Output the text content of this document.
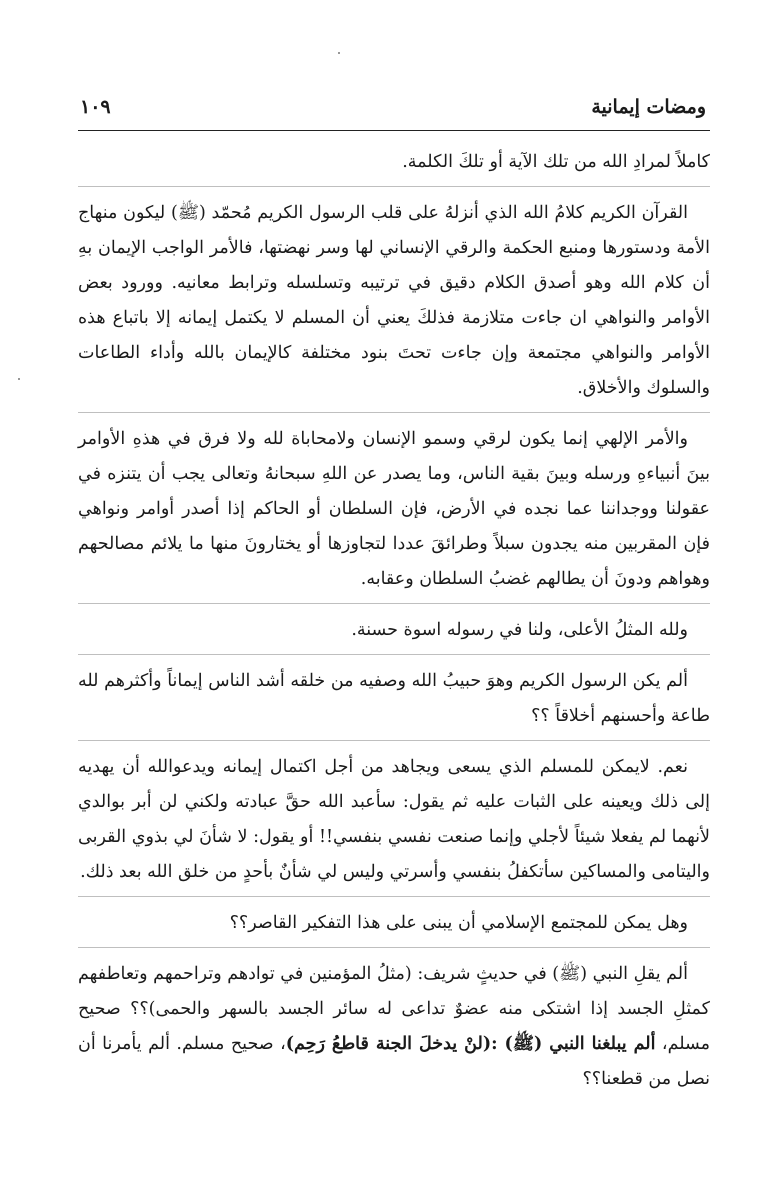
ومضات إيمانية
١٠٩

كاملاً لمرادِ الله من تلك الآية أو تلكَ الكلمة.

القرآن الكريم كلامُ الله الذي أنزلهُ على قلب الرسول الكريم مُحمّد (ﷺ) ليكون منهاج الأمة ودستورها ومنبع الحكمة والرقي الإنساني لها وسر نهضتها، فالأمر الواجب الإيمان بهِ أن كلام الله وهو أصدق الكلام دقيق في ترتيبه وتسلسله وترابط معانيه. وورود بعض الأوامر والنواهي ان جاءت متلازمة فذلكَ يعني أن المسلم لا يكتمل إيمانه إلا باتباع هذه الأوامر والنواهي مجتمعة وإن جاءت تحتَ بنود مختلفة كالإيمان بالله وأداء الطاعات والسلوك والأخلاق.

والأمر الإلهي إنما يكون لرقي وسمو الإنسان ولامحاباة لله ولا فرق في هذهِ الأوامر بينَ أنبياءهِ ورسله وبينَ بقية الناس، وما يصدر عن اللهِ سبحانهُ وتعالى يجب أن يتنزه في عقولنا ووجداننا عما نجده في الأرض، فإن السلطان أو الحاكم إذا أصدر أوامر ونواهي فإن المقربين منه يجدون سبلاً وطرائقَ عددا لتجاوزها أو يختارونَ منها ما يلائم مصالحهم وهواهم ودونَ أن يطالهم غضبُ السلطان وعقابه.

ولله المثلُ الأعلى، ولنا في رسوله اسوة حسنة.

ألم يكن الرسول الكريم وهوَ حبيبُ الله وصفيه من خلقه أشد الناس إيماناً وأكثرهم لله طاعة وأحسنهم أخلاقاً ؟؟

نعم. لايمكن للمسلم الذي يسعى ويجاهد من أجل اكتمال إيمانه ويدعوالله أن يهديه إلى ذلك ويعينه على الثبات عليه ثم يقول: سأعبد الله حقَّ عبادته ولكني لن أبر بوالدي لأنهما لم يفعلا شيئاً لأجلي وإنما صنعت نفسي بنفسي!! أو يقول: لا شأنَ لي بذوي القربى واليتامى والمساكين سأتكفلُ بنفسي وأسرتي وليس لي شأنٌ بأحدٍ من خلق الله بعد ذلك.

وهل يمكن للمجتمع الإسلامي أن يبنى على هذا التفكير القاصر؟؟

ألم يقلِ النبي (ﷺ) في حديثٍ شريف: (مثلُ المؤمنين في توادهم وتراحمهم وتعاطفهم كمثلِ الجسد إذا اشتكى منه عضوٌ تداعى له سائر الجسد بالسهر والحمى)؟؟ صحيح مسلم، ألم يبلغنا النبي (ﷺ) :(لنْ يدخلَ الجنة قاطعُ رَحِم)، صحيح مسلم. ألم يأمرنا أن نصل من قطعنا؟؟
